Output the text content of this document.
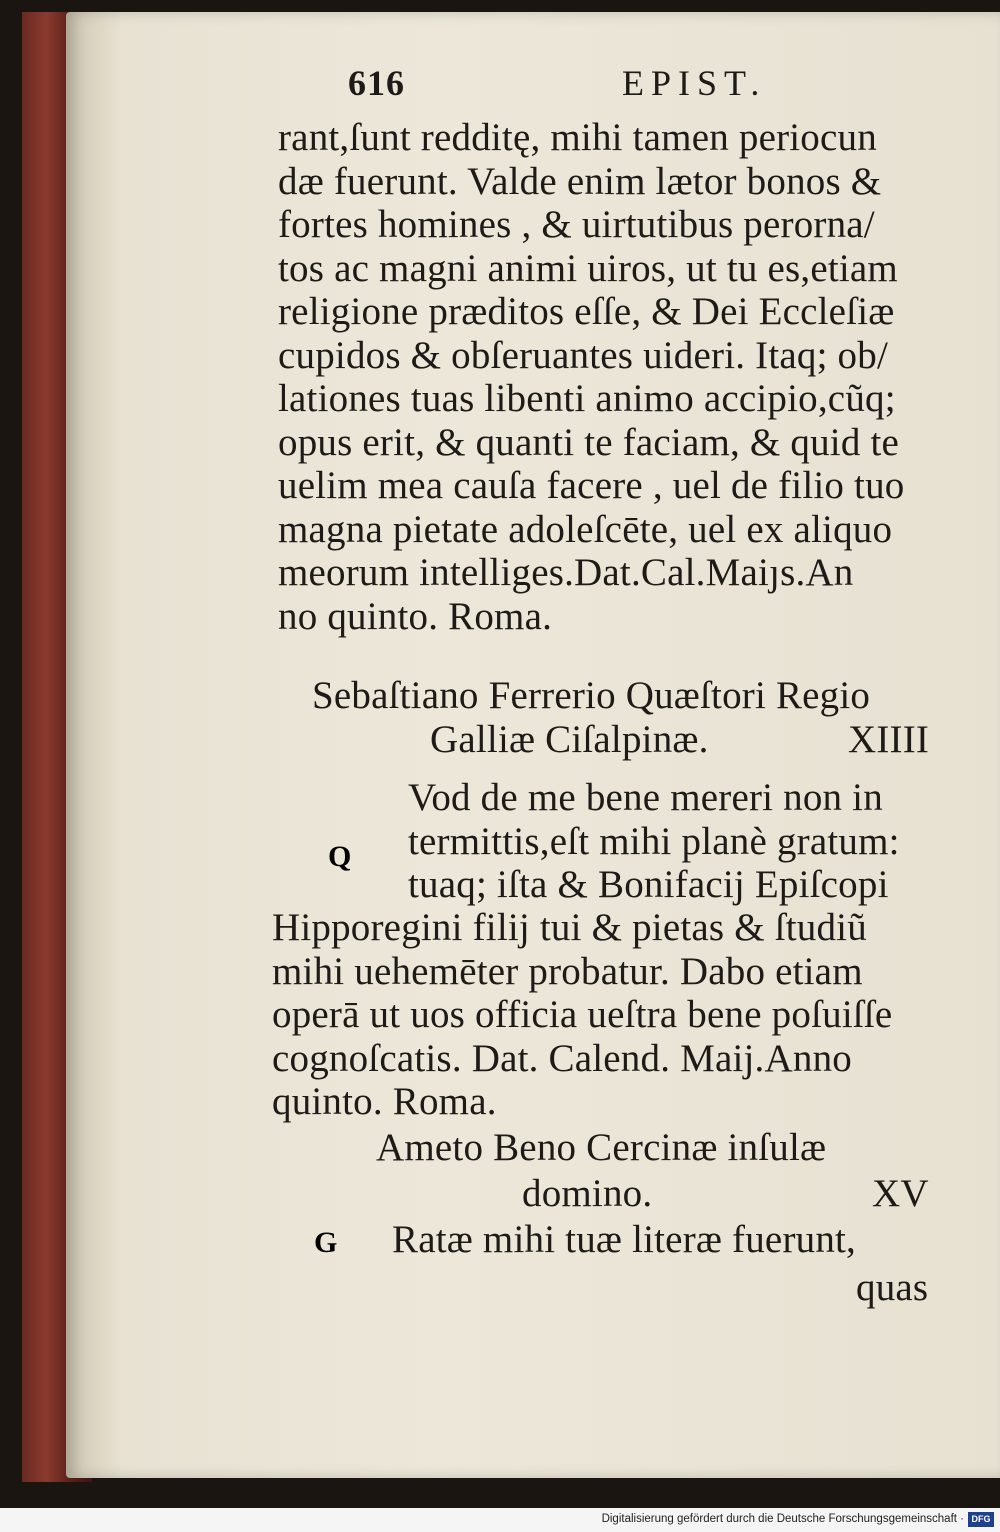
616	EPIST.
rant,ſunt redditę, mihi tamen periocun
dæ fuerunt. Valde enim lætor bonos &
fortes homines , & uirtutibus perorna/
tos ac magni animi uiros, ut tu es,etiam
religione præditos eſſe, & Dei Eccleſiæ
cupidos & obſeruantes uideri. Itaq; ob/
lationes tuas libenti animo accipio,cũq;
opus erit, & quanti te faciam, & quid te
uelim mea cauſa facere , uel de filio tuo
magna pietate adoleſcēte, uel ex aliquo
meorum intelliges.Dat.Cal.Maiȷs.An
no quinto. Roma.
Sebaſtiano Ferrerio Quæſtori Regio
Galliæ Ciſalpinæ.	XIIII
Q
Vod de me bene mereri non in
termittis,eſt mihi planè gratum:
tuaq; iſta & Bonifacij Epiſcopi
Hipporegini filij tui & pietas & ſtudiũ
mihi uehemēter probatur. Dabo etiam
operā ut uos officia ueſtra bene poſuiſſe
cognoſcatis. Dat. Calend. Maij.Anno
quinto. Roma.
Ameto Beno Cercinæ inſulæ
domino.	XV
G Ratæ mihi tuæ literæ fuerunt,
quas
Digitalisierung gefördert durch die Deutsche Forschungsgemeinschaft · DFG
